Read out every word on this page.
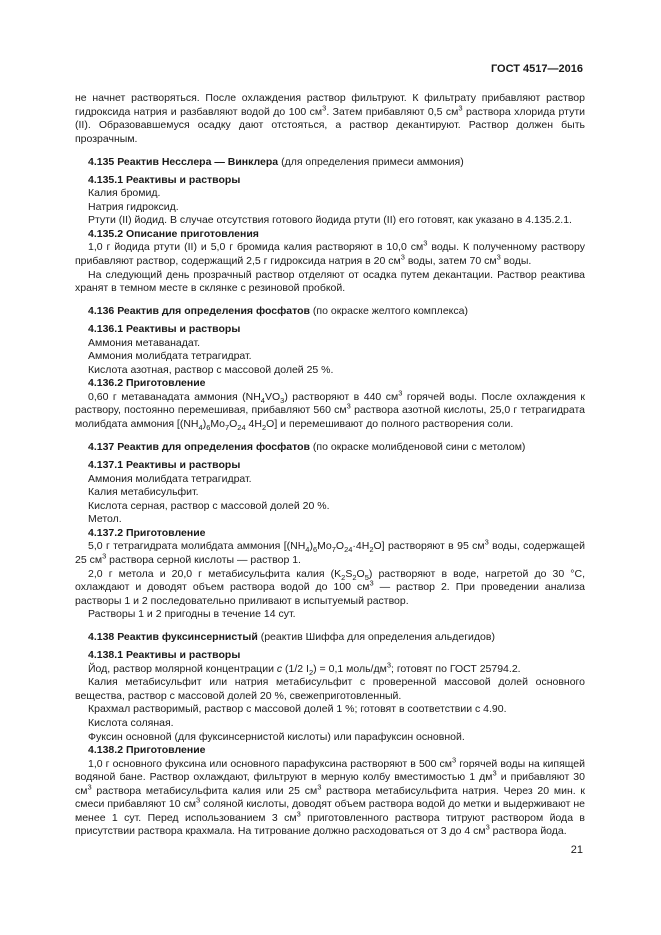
ГОСТ 4517—2016

не начнет растворяться. После охлаждения раствор фильтруют. К фильтрату прибавляют раствор гидроксида натрия и разбавляют водой до 100 $см^3$. Затем прибавляют 0,5 $см^3$ раствора хлорида ртути (II). Образовавшемуся осадку дают отстояться, а раствор декантируют. Раствор должен быть прозрачным.

4.135 Реактив Несслера — Винклера (для определения примеси аммония)

4.135.1 Реактивы и растворы

Калия бромид.

Натрия гидроксид.

Ртути (II) йодид. В случае отсутствия готового йодида ртути (II) его готовят, как указано в 4.135.2.1.

4.135.2 Описание приготовления

1,0 г йодида ртути (II) и 5,0 г бромида калия растворяют в 10,0 $см^3$ воды. К полученному раствору прибавляют раствор, содержащий 2,5 г гидроксида натрия в 20 $см^3$ воды, затем 70 $см^3$ воды.

На следующий день прозрачный раствор отделяют от осадка путем декантации. Раствор реактива хранят в темном месте в склянке с резиновой пробкой.

4.136 Реактив для определения фосфатов (по окраске желтого комплекса)

4.136.1 Реактивы и растворы

Аммония метаванадат.

Аммония молибдата тетрагидрат.

Кислота азотная, раствор с массовой долей 25 %.

4.136.2 Приготовление

0,60 г метаванадата аммония $(NH_4VO_3)$ растворяют в 440 $см^3$ горячей воды. После охлаждения к раствору, постоянно перемешивая, прибавляют 560 $см^3$ раствора азотной кислоты, 25,0 г тетрагидрата молибдата аммония [$(NH_4)_6Mo_7O_{24}$ $4H_2O$] и перемешивают до полного растворения соли.

4.137 Реактив для определения фосфатов (по окраске молибденовой сини с метолом)

4.137.1 Реактивы и растворы

Аммония молибдата тетрагидрат.

Калия метабисульфит.

Кислота серная, раствор с массовой долей 20 %.

Метол.

4.137.2 Приготовление

5,0 г тетрагидрата молибдата аммония $[(NH_4)_6Mo_7O_{24}\cdot 4H_2O]$ растворяют в 95 $см^3$ воды, содержащей 25 $см^3$ раствора серной кислоты — раствор 1.

2,0 г метола и 20,0 г метабисульфита калия $(K_2S_2O_5)$ растворяют в воде, нагретой до 30 °С, охлаждают и доводят объем раствора водой до 100 $см^3$ — раствор 2. При проведении анализа растворы 1 и 2 последовательно приливают в испытуемый раствор.

Растворы 1 и 2 пригодны в течение 14 сут.

4.138 Реактив фуксинсернистый (реактив Шиффа для определения альдегидов)

4.138.1 Реактивы и растворы

Йод, раствор молярной концентрации c (1/2 $I_2) = 0,1$ моль/$дм^3$; готовят по ГОСТ 25794.2.

Калия метабисульфит или натрия метабисульфит с проверенной массовой долей основного вещества, раствор с массовой долей 20 %, свежеприготовленный.

Крахмал растворимый, раствор с массовой долей 1 %; готовят в соответствии с 4.90.

Кислота соляная.

Фуксин основной (для фуксинсернистой кислоты) или парафуксин основной.

4.138.2 Приготовление

1,0 г основного фуксина или основного парафуксина растворяют в 500 $см^3$ горячей воды на кипящей водяной бане. Раствор охлаждают, фильтруют в мерную колбу вместимостью 1 $дм^3$ и прибавляют 30 $см^3$ раствора метабисульфита калия или 25 $см^3$ раствора метабисульфита натрия. Через 20 мин. к смеси прибавляют 10 $см^3$ соляной кислоты, доводят объем раствора водой до метки и выдерживают не менее 1 сут. Перед использованием 3 $см^3$ приготовленного раствора титруют раствором йода в присутствии раствора крахмала. На титрование должно расходоваться от 3 до 4 $см^3$ раствора йода.

21
